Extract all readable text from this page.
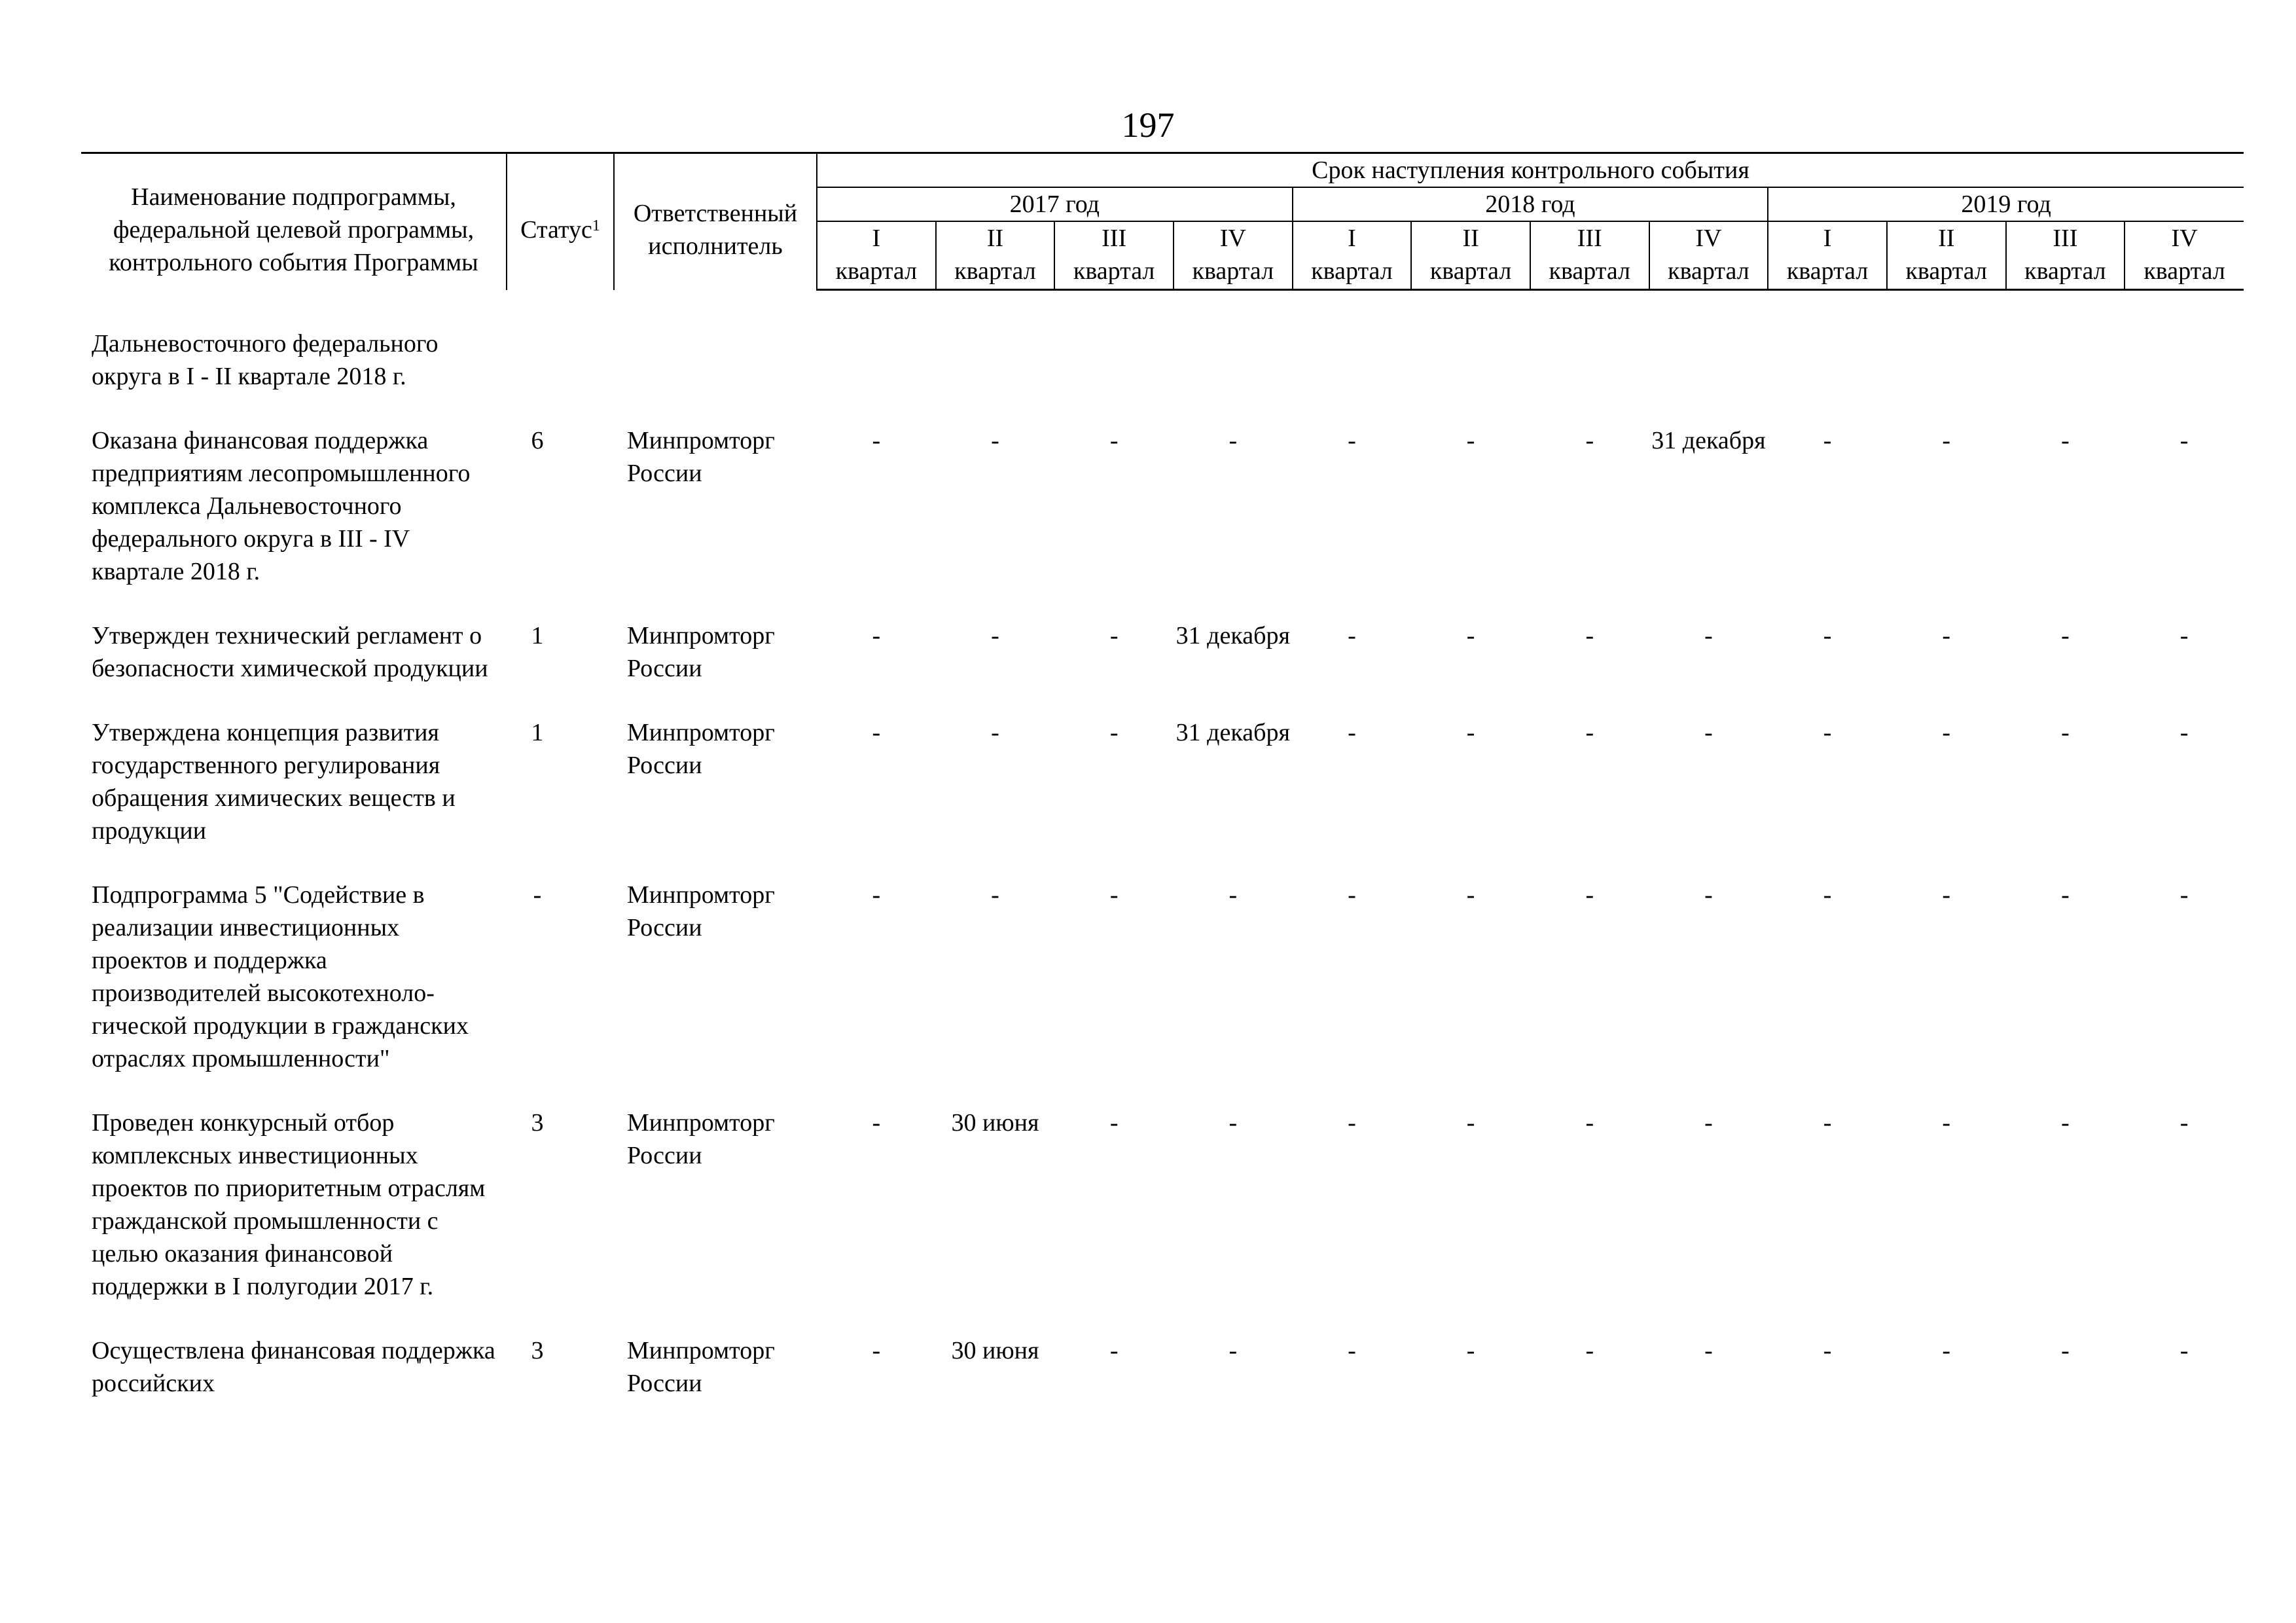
197
Наименование подпрограммы, федеральной целевой программы, контрольного события Программы	Статус$^1$	Ответственный исполнитель	Срок наступления контрольного события											
			2017 год				2018 год				2019 год			
			I	II	III	IV	I	II	III	IV	I	II	III	IV
			квартал	квартал	квартал	квартал	квартал	квартал	квартал	квартал	квартал	квартал	квартал	квартал

Дальневосточного федерального округа в I - II квартале 2018 г.														
Оказана финансовая поддержка предприятиям лесопромышленного комплекса Дальневосточного федерального округа в III - IV квартале 2018 г.	6	Минпромторг России	-	-	-	-	-	-	-	31 декабря	-	-	-	-
Утвержден технический регламент о безопасности химической продукции	1	Минпромторг России	-	-	-	31 декабря	-	-	-	-	-	-	-	-
Утверждена концепция развития государственного регулирования обращения химических веществ и продукции	1	Минпромторг России	-	-	-	31 декабря	-	-	-	-	-	-	-	-
Подпрограмма 5 "Содействие в реализации инвестиционных проектов и поддержка производителей высокотехноло-гической продукции в гражданских отраслях промышленности"	-	Минпромторг России	-	-	-	-	-	-	-	-	-	-	-	-
Проведен конкурсный отбор комплексных инвестиционных проектов по приоритетным отраслям гражданской промышленности с целью оказания финансовой поддержки в I полугодии 2017 г.	3	Минпромторг России	-	30 июня	-	-	-	-	-	-	-	-	-	-
Осуществлена финансовая поддержка российских	3	Минпромторг России	-	30 июня	-	-	-	-	-	-	-	-	-	-
